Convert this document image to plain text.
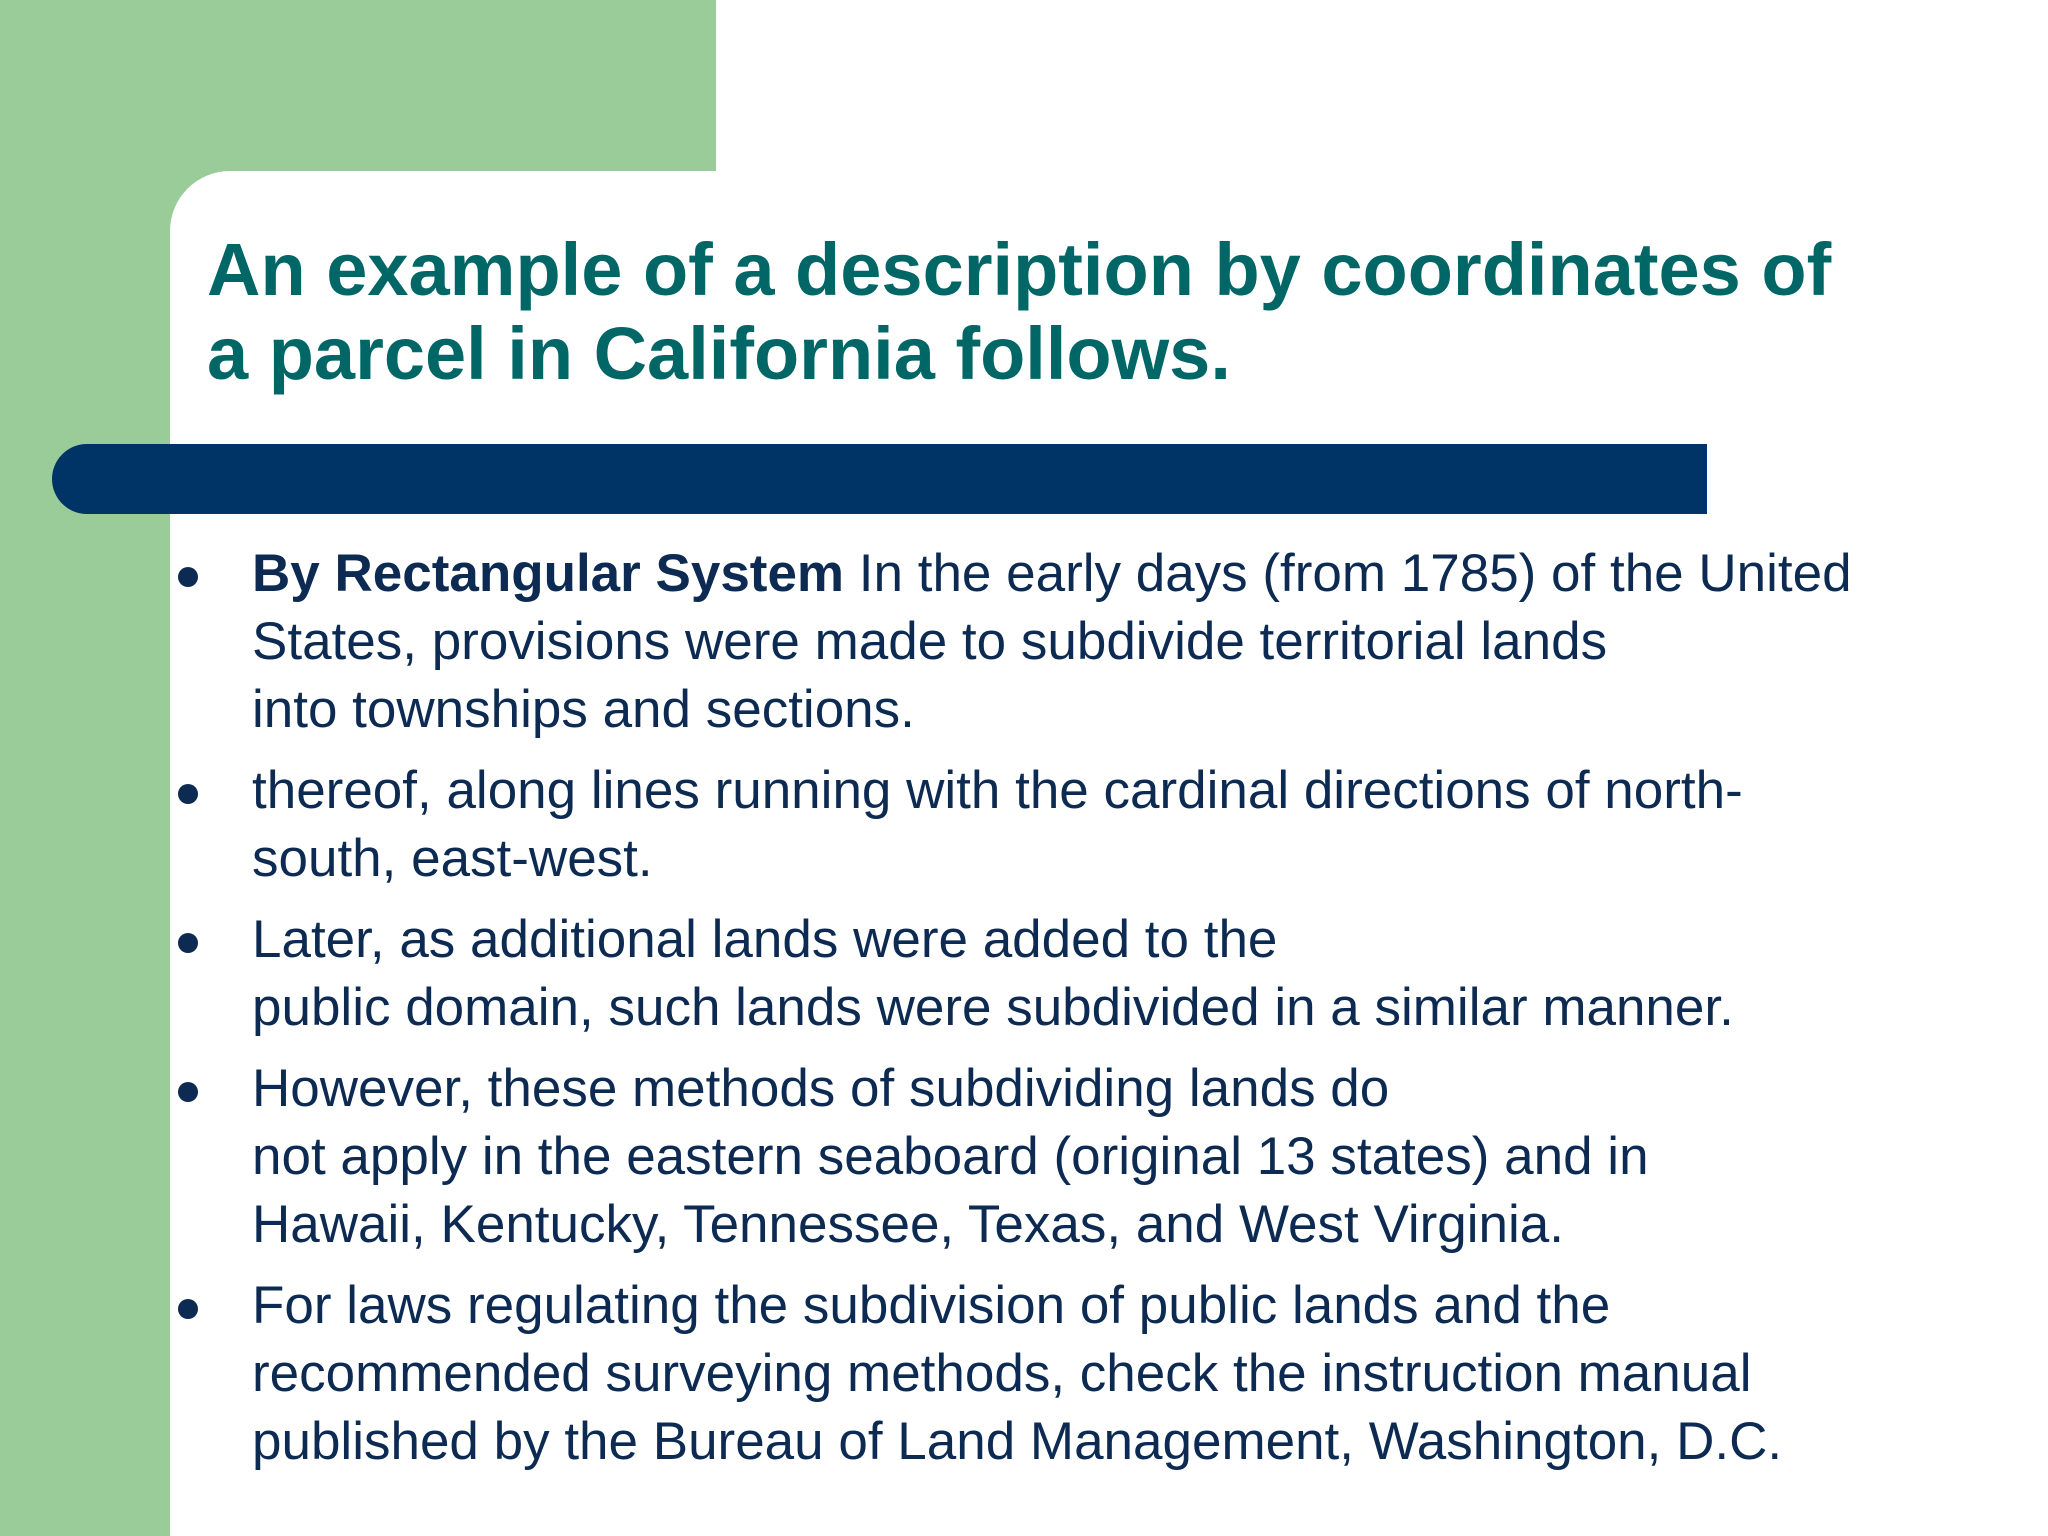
An example of a description by coordinates of
a parcel in California follows.
By Rectangular System In the early days (from 1785) of the United
States, provisions were made to subdivide territorial lands
into townships and sections.
thereof, along lines running with the cardinal directions of north-
south, east-west.
Later, as additional lands were added to the
public domain, such lands were subdivided in a similar manner.
However, these methods of subdividing lands do
not apply in the eastern seaboard (original 13 states) and in
Hawaii, Kentucky, Tennessee, Texas, and West Virginia.
For laws regulating the subdivision of public lands and the
recommended surveying methods, check the instruction manual
published by the Bureau of Land Management, Washington, D.C.
